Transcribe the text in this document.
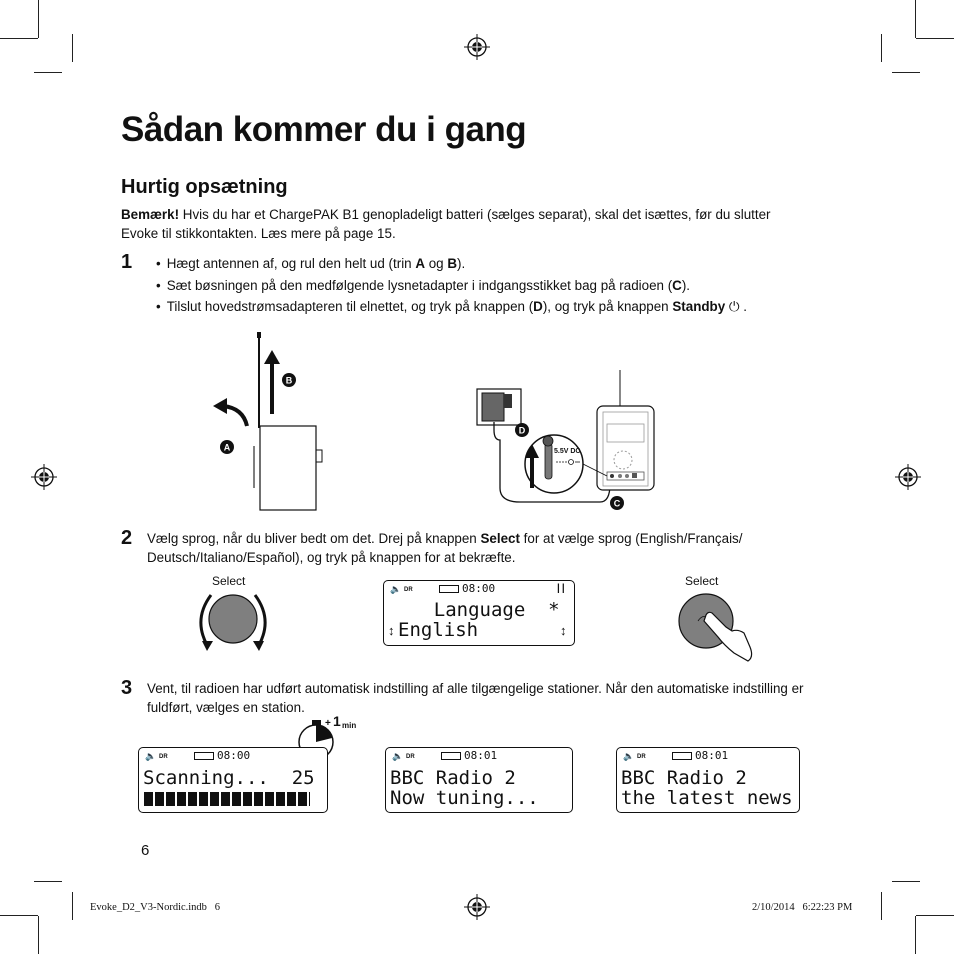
Sådan kommer du i gang
Hurtig opsætning
Bemærk! Hvis du har et ChargePAK B1 genopladeligt batteri (sælges separat), skal det isættes, før du slutter Evoke til stikkontakten. Læs mere på page 15.
1
•	Hægt antennen af, og rul den helt ud (trin A og B).
• Sæt bøsningen på den medfølgende lysnetadapter i indgangsstikket bag på radioen (C).
• Tilslut hovedstrømsadapteren til elnettet, og tryk på knappen (D), og tryk på knappen Standby ⏻ .
B
A	5.5V DC
D
C
2 Vælg sprog, når du bliver bedt om det. Drej på knappen Select for at vælge sprog (English/Français/ Deutsch/Italiano/Español), og tryk på knappen for at bekræfte.
Select
🔈 DR	08:00	┃┃
Language  *
↕ English	↕
Select
3 Vent, til radioen har udført automatisk indstilling af alle tilgængelige stationer. Når den automatiske indstilling er fuldført, vælges en station.
+ 1 min
🔈 DR	08:00
Scanning...  25
🔈 DR	08:01
BBC Radio 2
Now tuning...
🔈 DR	08:01
BBC Radio 2
the latest news
6
Evoke_D2_V3-Nordic.indb   6	2/10/2014   6:22:23 PM
